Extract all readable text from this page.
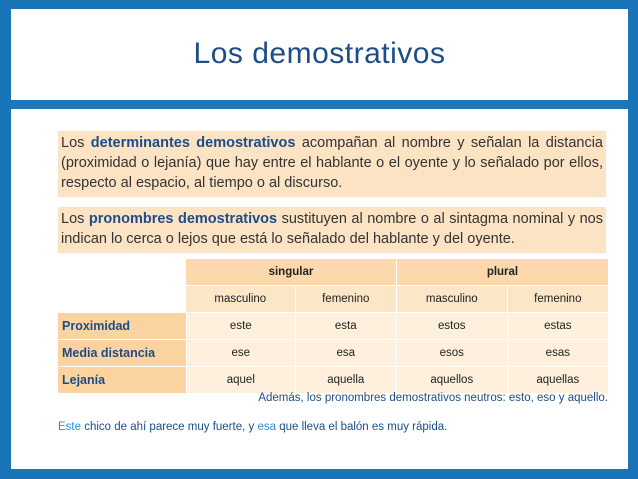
Los demostrativos
Los determinantes demostrativos acompañan al nombre y señalan la distancia (proximidad o lejanía) que hay entre el hablante o el oyente y lo señalado por ellos, respecto al espacio, al tiempo o al discurso.
Los pronombres demostrativos sustituyen al nombre o al sintagma nominal y nos indican lo cerca o lejos que está lo señalado del hablante y del oyente.
	singular		plural	
	masculino	femenino	masculino	femenino
Proximidad	este	esta	estos	estas
Media distancia	ese	esa	esos	esas
Lejanía	aquel	aquella	aquellos	aquellas
Además, los pronombres demostrativos neutros: esto, eso y aquello.
Este chico de ahí parece muy fuerte, y esa que lleva el balón es muy rápida.
